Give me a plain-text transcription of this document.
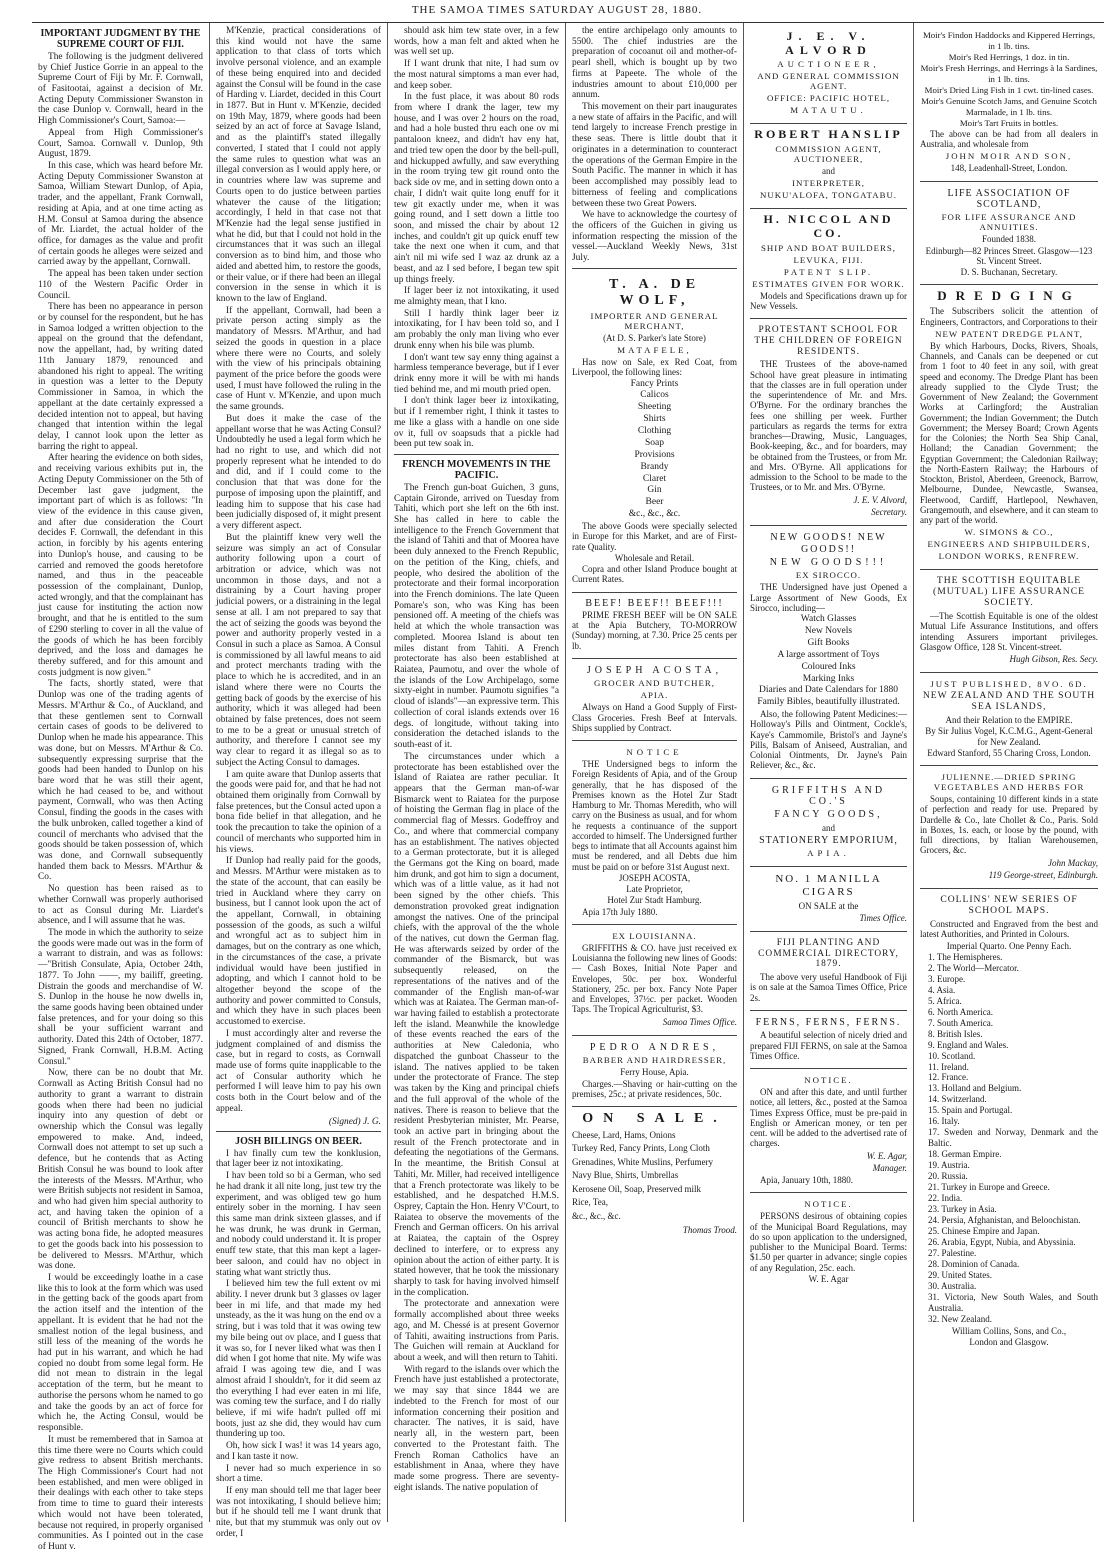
THE SAMOA TIMES SATURDAY AUGUST 28, 1880.

IMPORTANT JUDGMENT BY THE SUPREME COURT OF FIJI.

The following is the judgment delivered by Chief Justice Gorrie in an appeal to the Supreme Court of Fiji by Mr. F. Cornwall, of Fasitootai, against a decision of Mr. Acting Deputy Commissioner Swanston in the case Dunlop v. Cornwall, heard in the High Commissioner's Court, Samoa:—

Appeal from High Commissioner's Court, Samoa. Cornwall v. Dunlop, 9th August, 1879.

In this case, which was heard before Mr. Acting Deputy Commissioner Swanston at Samoa, William Stewart Dunlop, of Apia, trader, and the appellant, Frank Cornwall, residing at Apia, and at one time acting as H.M. Consul at Samoa during the absence of Mr. Liardet, the actual holder of the office, for damages as the value and profit of certain goods he alleges were seized and carried away by the appellant, Cornwall.

The appeal has been taken under section 110 of the Western Pacific Order in Council.

There has been no appearance in person or by counsel for the respondent, but he has in Samoa lodged a written objection to the appeal on the ground that the defendant, now the appellant, had, by writing dated 11th January 1879, renounced and abandoned his right to appeal. The writing in question was a letter to the Deputy Commissioner in Samoa, in which the appellant at the date certainly expressed a decided intention not to appeal, but having changed that intention within the legal delay, I cannot look upon the letter as barring the right to appeal.

After hearing the evidence on both sides, and receiving various exhibits put in, the Acting Deputy Commissioner on the 5th of December last gave judgment, the important part of which is as follows: "In view of the evidence in this cause given, and after due consideration the Court decides F. Cornwall, the defendant in this action, in forcibly by his agents entering into Dunlop's house, and causing to be carried and removed the goods heretofore named, and thus in the peaceable possession of the complainant, Dunlop, acted wrongly, and that the complainant has just cause for instituting the action now brought, and that he is entitled to the sum of £290 sterling to cover in all the value of the goods of which he has been forcibly deprived, and the loss and damages he thereby suffered, and for this amount and costs judgment is now given."

The facts, shortly stated, were that Dunlop was one of the trading agents of Messrs. M'Arthur & Co., of Auckland, and that these gentlemen sent to Cornwall certain cases of goods to be delivered to Dunlop when he made his appearance. This was done, but on Messrs. M'Arthur & Co. subsequently expressing surprise that the goods had been handed to Dunlop on his bare word that he was still their agent, which he had ceased to be, and without payment, Cornwall, who was then Acting Consul, finding the goods in the cases with the bulk unbroken, called together a kind of council of merchants who advised that the goods should be taken possession of, which was done, and Cornwall subsequently handed them back to Messrs. M'Arthur & Co.

No question has been raised as to whether Cornwall was properly authorised to act as Consul during Mr. Liardet's absence, and I will assume that he was.

The mode in which the authority to seize the goods were made out was in the form of a warrant to distrain, and was as follows:—"British Consulate, Apia, October 24th, 1877. To John ——, my bailiff, greeting. Distrain the goods and merchandise of W. S. Dunlop in the house he now dwells in, the same goods having been obtained under false pretences, and for your doing so this shall be your sufficient warrant and authority. Dated this 24th of October, 1877. Signed, Frank Cornwall, H.B.M. Acting Consul."

Now, there can be no doubt that Mr. Cornwall as Acting British Consul had no authority to grant a warrant to distrain goods when there had been no judicial inquiry into any question of debt or ownership which the Consul was legally empowered to make. And, indeed, Cornwall does not attempt to set up such a defence, but he contends that as Acting British Consul he was bound to look after the interests of the Messrs. M'Arthur, who were British subjects not resident in Samoa, and who had given him special authority to act, and having taken the opinion of a council of British merchants to show he was acting bona fide, he adopted measures to get the goods back into his possession to be delivered to Messrs. M'Arthur, which was done.

I would be exceedingly loathe in a case like this to look at the form which was used in the getting back of the goods apart from the action itself and the intention of the appellant. It is evident that he had not the smallest notion of the legal business, and still less of the meaning of the words he had put in his warrant, and which he had copied no doubt from some legal form. He did not mean to distrain in the legal acceptation of the term, but he meant to authorise the persons whom he named to go and take the goods by an act of force for which he, the Acting Consul, would be responsible.

It must be remembered that in Samoa at this time there were no Courts which could give redress to absent British merchants. The High Commissioner's Court had not been established, and men were obliged in their dealings with each other to take steps from time to time to guard their interests which would not have been tolerated, because not required, in properly organised communities. As I pointed out in the case of Hunt v.

M'Kenzie, practical considerations of this kind would not have the same application to that class of torts which involve personal violence, and an example of these being enquired into and decided against the Consul will be found in the case of Harding v. Liardet, decided in this Court in 1877. But in Hunt v. M'Kenzie, decided on 19th May, 1879, where goods had been seized by an act of force at Savage Island, and as the plaintiff's stated illegally converted, I stated that I could not apply the same rules to question what was an illegal conversion as I would apply here, or in countries where law was supreme and Courts open to do justice between parties whatever the cause of the litigation; accordingly, I held in that case not that M'Kenzie had the legal sense justified in what he did, but that I could not hold in the circumstances that it was such an illegal conversion as to bind him, and those who aided and abetted him, to restore the goods, or their value, or if there had been an illegal conversion in the sense in which it is known to the law of England.

If the appellant, Cornwall, had been a private person acting simply as the mandatory of Messrs. M'Arthur, and had seized the goods in question in a place where there were no Courts, and solely with the view of his principals obtaining payment of the price before the goods were used, I must have followed the ruling in the case of Hunt v. M'Kenzie, and upon much the same grounds.

But does it make the case of the appellant worse that he was Acting Consul? Undoubtedly he used a legal form which he had no right to use, and which did not properly represent what he intended to do and did, and if I could come to the conclusion that that was done for the purpose of imposing upon the plaintiff, and leading him to suppose that his case had been judicially disposed of, it might present a very different aspect.

But the plaintiff knew very well the seizure was simply an act of Consular authority following upon a court of arbitration or advice, which was not uncommon in those days, and not a distraining by a Court having proper judicial powers, or a distraining in the legal sense at all. I am not prepared to say that the act of seizing the goods was beyond the power and authority properly vested in a Consul in such a place as Samoa. A Consul is commissioned by all lawful means to aid and protect merchants trading with the place to which he is accredited, and in an island where there were no Courts the getting back of goods by the exercise of his authority, which it was alleged had been obtained by false pretences, does not seem to me to be a great or unusual stretch of authority, and therefore I cannot see my way clear to regard it as illegal so as to subject the Acting Consul to damages.

I am quite aware that Dunlop asserts that the goods were paid for, and that he had not obtained them originally from Cornwall by false pretences, but the Consul acted upon a bona fide belief in that allegation, and he took the precaution to take the opinion of a council of merchants who supported him in his views.

If Dunlop had really paid for the goods, and Messrs. M'Arthur were mistaken as to the state of the account, that can easily be tried in Auckland where they carry on business, but I cannot look upon the act of the appellant, Cornwall, in obtaining possession of the goods, as such a wilful and wrongful act as to subject him in damages, but on the contrary as one which, in the circumstances of the case, a private individual would have been justified in adopting, and which I cannot hold to be altogether beyond the scope of the authority and power committed to Consuls, and which they have in such places been accustomed to exercise.

I must accordingly alter and reverse the judgment complained of and dismiss the case, but in regard to costs, as Cornwall made use of forms quite inapplicable to the act of Consular authority which he performed I will leave him to pay his own costs both in the Court below and of the appeal.

(Signed) J. G.

JOSH BILLINGS ON BEER.

I hav finally cum tew the konklusion, that lager beer iz not intoxikating.

I hav been told so bi a German, who sed he had drank it all nite long, just tew try the experiment, and was obliged tew go hum entirely sober in the morning. I hav seen this same man drink sixteen glasses, and if he was drunk, he was drunk in German, and nobody could understand it. It is proper enuff tew state, that this man kept a lager-beer saloon, and could hav no object in stating what want strictly thus.

I believed him tew the full extent ov mi ability. I never drunk but 3 glasses ov lager beer in mi life, and that made my hed unsteady, as the it was hung on the end ov a string, but i was told that it was owing tew my bile being out ov place, and I guess that it was so, for I never liked what was then I did when I got home that nite. My wife was afraid I was agoing tew die, and I was almost afraid I shouldn't, for it did seem az tho everything I had ever eaten in mi life, was coming tew the surface, and I do rially believe, if mi wife hadn't pulled off mi boots, just az she did, they would hav cum thundering up too.

Oh, how sick I was! it was 14 years ago, and I kan taste it now.

I never had so much experience in so short a time.

If eny man should tell me that lager beer was not intoxikating, I should believe him; but if he should tell me I want drunk that nite, but that my stummuk was only out ov order, I

should ask him tew state over, in a few words, how a man felt and akted when he was well set up.

If I want drunk that nite, I had sum ov the most natural simptoms a man ever had, and keep sober.

In the fust place, it was about 80 rods from where I drank the lager, tew my house, and I was over 2 hours on the road, and had a hole busted thru each one ov mi pantaloon kneez, and didn't hav eny hat, and tried tew open the door by the bell-pull, and hickupped awfully, and saw everything in the room trying tew git round onto the back side ov me, and in setting down onto a chair, I didn't wait quite long enuff for it tew git exactly under me, when it was going round, and I sett down a little too soon, and missed the chair by about 12 inches, and couldn't git up quick enuff tew take the next one when it cum, and that ain't nil mi wife sed I waz az drunk az a beast, and az I sed before, I began tew spit up things freely.

If lager beer iz not intoxikating, it used me almighty mean, that I kno.

Still I hardly think lager beer iz intoxikating, for I hav been told so, and I am probably the only man living who ever drunk enny when his bile was plumb.

I don't want tew say enny thing against a harmless temperance beverage, but if I ever drink enny more it will be with mi hands tied behind me, and mi mouth pried open.

I don't think lager beer iz intoxikating, but if I remember right, I think it tastes to me like a glass with a handle on one side ov it, full ov soapsuds that a pickle had been put tew soak in.

FRENCH MOVEMENTS IN THE PACIFIC.

The French gun-boat Guichen, 3 guns, Captain Gironde, arrived on Tuesday from Tahiti, which port she left on the 6th inst. She has called in here to cable the intelligence to the French Government that the island of Tahiti and that of Moorea have been duly annexed to the French Republic, on the petition of the King, chiefs, and people, who desired the abolition of the protectorate and their formal incorporation into the French dominions. The late Queen Pomare's son, who was King has been pensioned off. A meeting of the chiefs was held at which the whole transaction was completed. Moorea Island is about ten miles distant from Tahiti. A French protectorate has also been established at Raiatea, Paumotu, and over the whole of the islands of the Low Archipelago, some sixty-eight in number. Paumotu signifies "a cloud of islands"—an expressive term. This collection of coral islands extends over 16 degs. of longitude, without taking into consideration the detached islands to the south-east of it.

The circumstances under which a protectorate has been established over the Island of Raiatea are rather peculiar. It appears that the German man-of-war Bismarck went to Raiatea for the purpose of hoisting the German flag in place of the commercial flag of Messrs. Godeffroy and Co., and where that commercial company has an establishment. The natives objected to a German protectorate, but it is alleged the Germans got the King on board, made him drunk, and got him to sign a document, which was of a little value, as it had not been signed by the other chiefs. This demonstration provoked great indignation amongst the natives. One of the principal chiefs, with the approval of the the whole of the natives, cut down the German flag. He was afterwards seized by order of the commander of the Bismarck, but was subsequently released, on the representations of the natives and of the commander of the English man-of-war which was at Raiatea. The German man-of-war having failed to establish a protectorate left the island. Meanwhile the knowledge of these events reached the ears of the authorities at New Caledonia, who dispatched the gunboat Chasseur to the island. The natives applied to be taken under the protectorate of France. The step was taken by the King and principal chiefs and the full approval of the whole of the natives. There is reason to believe that the resident Presbyterian minister, Mr. Pearse, took an active part in bringing about the result of the French protectorate and in defeating the negotiations of the Germans. In the meantime, the British Consul at Tahiti, Mr. Miller, had received intelligence that a French protectorate was likely to be established, and he despatched H.M.S. Osprey, Captain the Hon. Henry V'Court, to Raiatea to observe the movements of the French and German officers. On his arrival at Raiatea, the captain of the Osprey declined to interfere, or to express any opinion about the action of either party. It is stated however, that he took the missionary sharply to task for having involved himself in the complication.

The protectorate and annexation were formally accomplished about three weeks ago, and M. Chessé is at present Governor of Tahiti, awaiting instructions from Paris. The Guichen will remain at Auckland for about a week, and will then return to Tahiti.

With regard to the islands over which the French have just established a protectorate, we may say that since 1844 we are indebted to the French for most of our information concerning their position and character. The natives, it is said, have nearly all, in the western part, been converted to the Protestant faith. The French Roman Catholics have an establishment in Anaa, where they have made some progress. There are seventy-eight islands. The native population of

the entire archipelago only amounts to 5500. The chief industries are the preparation of cocoanut oil and mother-of-pearl shell, which is bought up by two firms at Papeete. The whole of the industries amount to about £10,000 per annum.

This movement on their part inaugurates a new state of affairs in the Pacific, and will tend largely to increase French prestige in these seas. There is little doubt that it originates in a determination to counteract the operations of the German Empire in the South Pacific. The manner in which it has been accomplished may possibly lead to bitterness of feeling and complications between these two Great Powers.

We have to acknowledge the courtesy of the officers of the Guichen in giving us information respecting the mission of the vessel.—Auckland Weekly News, 31st July.

T. A. DE WOLF,
IMPORTER AND GENERAL MERCHANT,
(At D. S. Parker's late Store)
MATAFELE,

Has now on Sale, ex Red Coat, from Liverpool, the following lines:

Fancy Prints
Calicos
Sheeting
Shirts
Clothing
Soap
Provisions
Brandy
Claret
Gin
Beer
&c., &c., &c.

The above Goods were specially selected in Europe for this Market, and are of First-rate Quality.

Wholesale and Retail.

Copra and other Island Produce bought at Current Rates.

BEEF! BEEF!! BEEF!!!

PRIME FRESH BEEF will be ON SALE at the Apia Butchery, TO-MORROW (Sunday) morning, at 7.30. Price 25 cents per lb.

JOSEPH ACOSTA,
GROCER AND BUTCHER,
APIA.

Always on Hand a Good Supply of First-Class Groceries. Fresh Beef at Intervals. Ships supplied by Contract.

NOTICE

THE Undersigned begs to inform the Foreign Residents of Apia, and of the Group generally, that he has disposed of the Premises known as the Hotel Zur Stadt Hamburg to Mr. Thomas Meredith, who will carry on the Business as usual, and for whom he requests a continuance of the support accorded to himself. The Undersigned further begs to intimate that all Accounts against him must be rendered, and all Debts due him must be paid on or before 31st August next.

JOSEPH ACOSTA,
Late Proprietor,
Hotel Zur Stadt Hamburg.

Apia 17th July 1880.

EX LOUISIANNA.

GRIFFITHS & CO. have just received ex Louisianna the following new lines of Goods:— Cash Boxes, Initial Note Paper and Envelopes, 50c. per box. Wonderful Stationery, 25c. per box. Fancy Note Paper and Envelopes, 37½c. per packet. Wooden Taps. The Tropical Agriculturist, $3.

Samoa Times Office.
PEDRO ANDRES,
BARBER AND HAIRDRESSER,
Ferry House, Apia.

Charges.—Shaving or hair-cutting on the premises, 25c.; at private residences, 50c.

ON SALE.
Cheese, Lard, Hams, Onions
Turkey Red, Fancy Prints, Long Cloth
Grenadines, White Muslins, Perfumery
Navy Blue, Shirts, Umbrellas
Kerosene Oil, Soap, Preserved milk
Rice, Tea,
&c., &c., &c.
Thomas Trood.
J. E. V. ALVORD
AUCTIONEER,
AND GENERAL COMMISSION AGENT.
OFFICE: PACIFIC HOTEL,
MATAUTU.
ROBERT HANSLIP
COMMISSION AGENT, AUCTIONEER,
and
INTERPRETER,
NUKU'ALOFA, TONGATABU.
H. NICCOL AND CO.
SHIP AND BOAT BUILDERS,
LEVUKA, FIJI.
PATENT SLIP.
ESTIMATES GIVEN FOR WORK.

Models and Specifications drawn up for New Vessels.

PROTESTANT SCHOOL FOR THE CHILDREN OF FOREIGN RESIDENTS.

THE Trustees of the above-named School have great pleasure in intimating that the classes are in full operation under the superintendence of Mr. and Mrs. O'Byrne. For the ordinary branches the fees one shilling per week. Further particulars as regards the terms for extra branches—Drawing, Music, Languages, Book-keeping, &c., and for boarders, may be obtained from the Trustees, or from Mr. and Mrs. O'Byrne. All applications for admission to the School to be made to the Trustees, or to Mr. and Mrs. O'Byrne.

J. E. V. Alvord,
Secretary.
NEW GOODS! NEW GOODS!!
NEW GOODS!!!
EX SIROCCO.

THE Undersigned have just Opened a Large Assortment of New Goods, Ex Sirocco, including—

Watch Glasses
New Novels
Gift Books
A large assortment of Toys
Coloured Inks
Marking Inks
Diaries and Date Calendars for 1880
Family Bibles, beautifully illustrated.

Also, the following Patent Medicines:—Holloway's Pills and Ointment, Cockle's, Kaye's Cammomile, Bristol's and Jayne's Pills, Balsam of Aniseed, Australian, and Colonial Ointments, Dr. Jayne's Pain Reliever, &c., &c.

GRIFFITHS AND CO.'S
FANCY GOODS,
and
STATIONERY EMPORIUM,
APIA.
NO. 1 MANILLA CIGARS
ON SALE at the
Times Office.
FIJI PLANTING AND COMMERCIAL DIRECTORY, 1879.

The above very useful Handbook of Fiji is on sale at the Samoa Times Office, Price 2s.

FERNS, FERNS, FERNS.

A beautiful selection of nicely dried and prepared FIJI FERNS, on sale at the Samoa Times Office.

NOTICE.

ON and after this date, and until further notice, all letters, &c., posted at the Samoa Times Express Office, must be pre-paid in English or American money, or ten per cent. will be added to the advertised rate of charges.

W. E. Agar,
Manager.

Apia, January 10th, 1880.

NOTICE.

PERSONS desirous of obtaining copies of the Municipal Board Regulations, may do so upon application to the undersigned, publisher to the Municipal Board. Terms: $1.50 per quarter in advance; single copies of any Regulation, 25c. each.

W. E. Agar
Moir's Findon Haddocks and Kippered Herrings, in 1 lb. tins.
Moir's Red Herrings, 1 doz. in tin.
Moir's Fresh Herrings, and Herrings à la Sardines, in 1 lb. tins.
Moir's Dried Ling Fish in 1 cwt. tin-lined cases.
Moir's Genuine Scotch Jams, and Genuine Scotch Marmalade, in 1 lb. tins.
Moir's Tart Fruits in bottles.

The above can be had from all dealers in Australia, and wholesale from

JOHN MOIR AND SON,
148, Leadenhall-Street, London.
LIFE ASSOCIATION OF SCOTLAND,
FOR LIFE ASSURANCE AND ANNUITIES.
Founded 1838.
Edinburgh—82 Princes Street. Glasgow—123 St. Vincent Street.
D. S. Buchanan, Secretary.
DREDGING

The Subscribers solicit the attention of Engineers, Contractors, and Corporations to their

NEW PATENT DREDGE PLANT,

By which Harbours, Docks, Rivers, Shoals, Channels, and Canals can be deepened or cut from 1 foot to 40 feet in any soil, with great speed and economy. The Dredge Plant has been already supplied to the Clyde Trust; the Government of New Zealand; the Government Works at Carlingford; the Australian Government; the Indian Government; the Dutch Government; the Mersey Board; Crown Agents for the Colonies; the North Sea Ship Canal, Holland; the Canadian Government; the Egyptian Government; the Caledonian Railway; the North-Eastern Railway; the Harbours of Stockton, Bristol, Aberdeen, Greenock, Barrow, Melbourne, Dundee, Newcastle, Swansea, Fleetwood, Cardiff, Hartlepool, Newhaven, Grangemouth, and elsewhere, and it can steam to any part of the world.

W. SIMONS & CO.,
ENGINEERS AND SHIPBUILDERS,
LONDON WORKS, RENFREW.
THE SCOTTISH EQUITABLE (MUTUAL) LIFE ASSURANCE SOCIETY.

—The Scottish Equitable is one of the oldest Mutual Life Assurance Institutions, and offers intending Assurers important privileges. Glasgow Office, 128 St. Vincent-street.

Hugh Gibson, Res. Secy.
JUST PUBLISHED, 8VO. 6D.
NEW ZEALAND AND THE SOUTH SEA ISLANDS,
And their Relation to the EMPIRE.
By Sir Julius Vogel, K.C.M.G., Agent-General for New Zealand.
Edward Stanford, 55 Charing Cross, London.
JULIENNE.—DRIED SPRING VEGETABLES AND HERBS FOR

Soups, containing 10 different kinds in a state of perfection and ready for use. Prepared by Dardelle & Co., late Chollet & Co., Paris. Sold in Boxes, 1s. each, or loose by the pound, with full directions, by Italian Warehousemen, Grocers, &c.

John Mackay,
119 George-street, Edinburgh.
COLLINS' NEW SERIES OF SCHOOL MAPS.

Constructed and Engraved from the best and latest Authorities, and Printed in Colours.

Imperial Quarto. One Penny Each.
1. The Hemispheres.
2. The World—Mercator.
3. Europe.
4. Asia.
5. Africa.
6. North America.
7. South America.
8. British Isles.
9. England and Wales.
10. Scotland.
11. Ireland.
12. France.
13. Holland and Belgium.
14. Switzerland.
15. Spain and Portugal.
16. Italy.
17. Sweden and Norway, Denmark and the Baltic.
18. German Empire.
19. Austria.
20. Russia.
21. Turkey in Europe and Greece.
22. India.
23. Turkey in Asia.
24. Persia, Afghanistan, and Beloochistan.
25. Chinese Empire and Japan.
26. Arabia, Egypt, Nubia, and Abyssinia.
27. Palestine.
28. Dominion of Canada.
29. United States.
30. Australia.
31. Victoria, New South Wales, and South Australia.
32. New Zealand.
William Collins, Sons, and Co.,
London and Glasgow.
